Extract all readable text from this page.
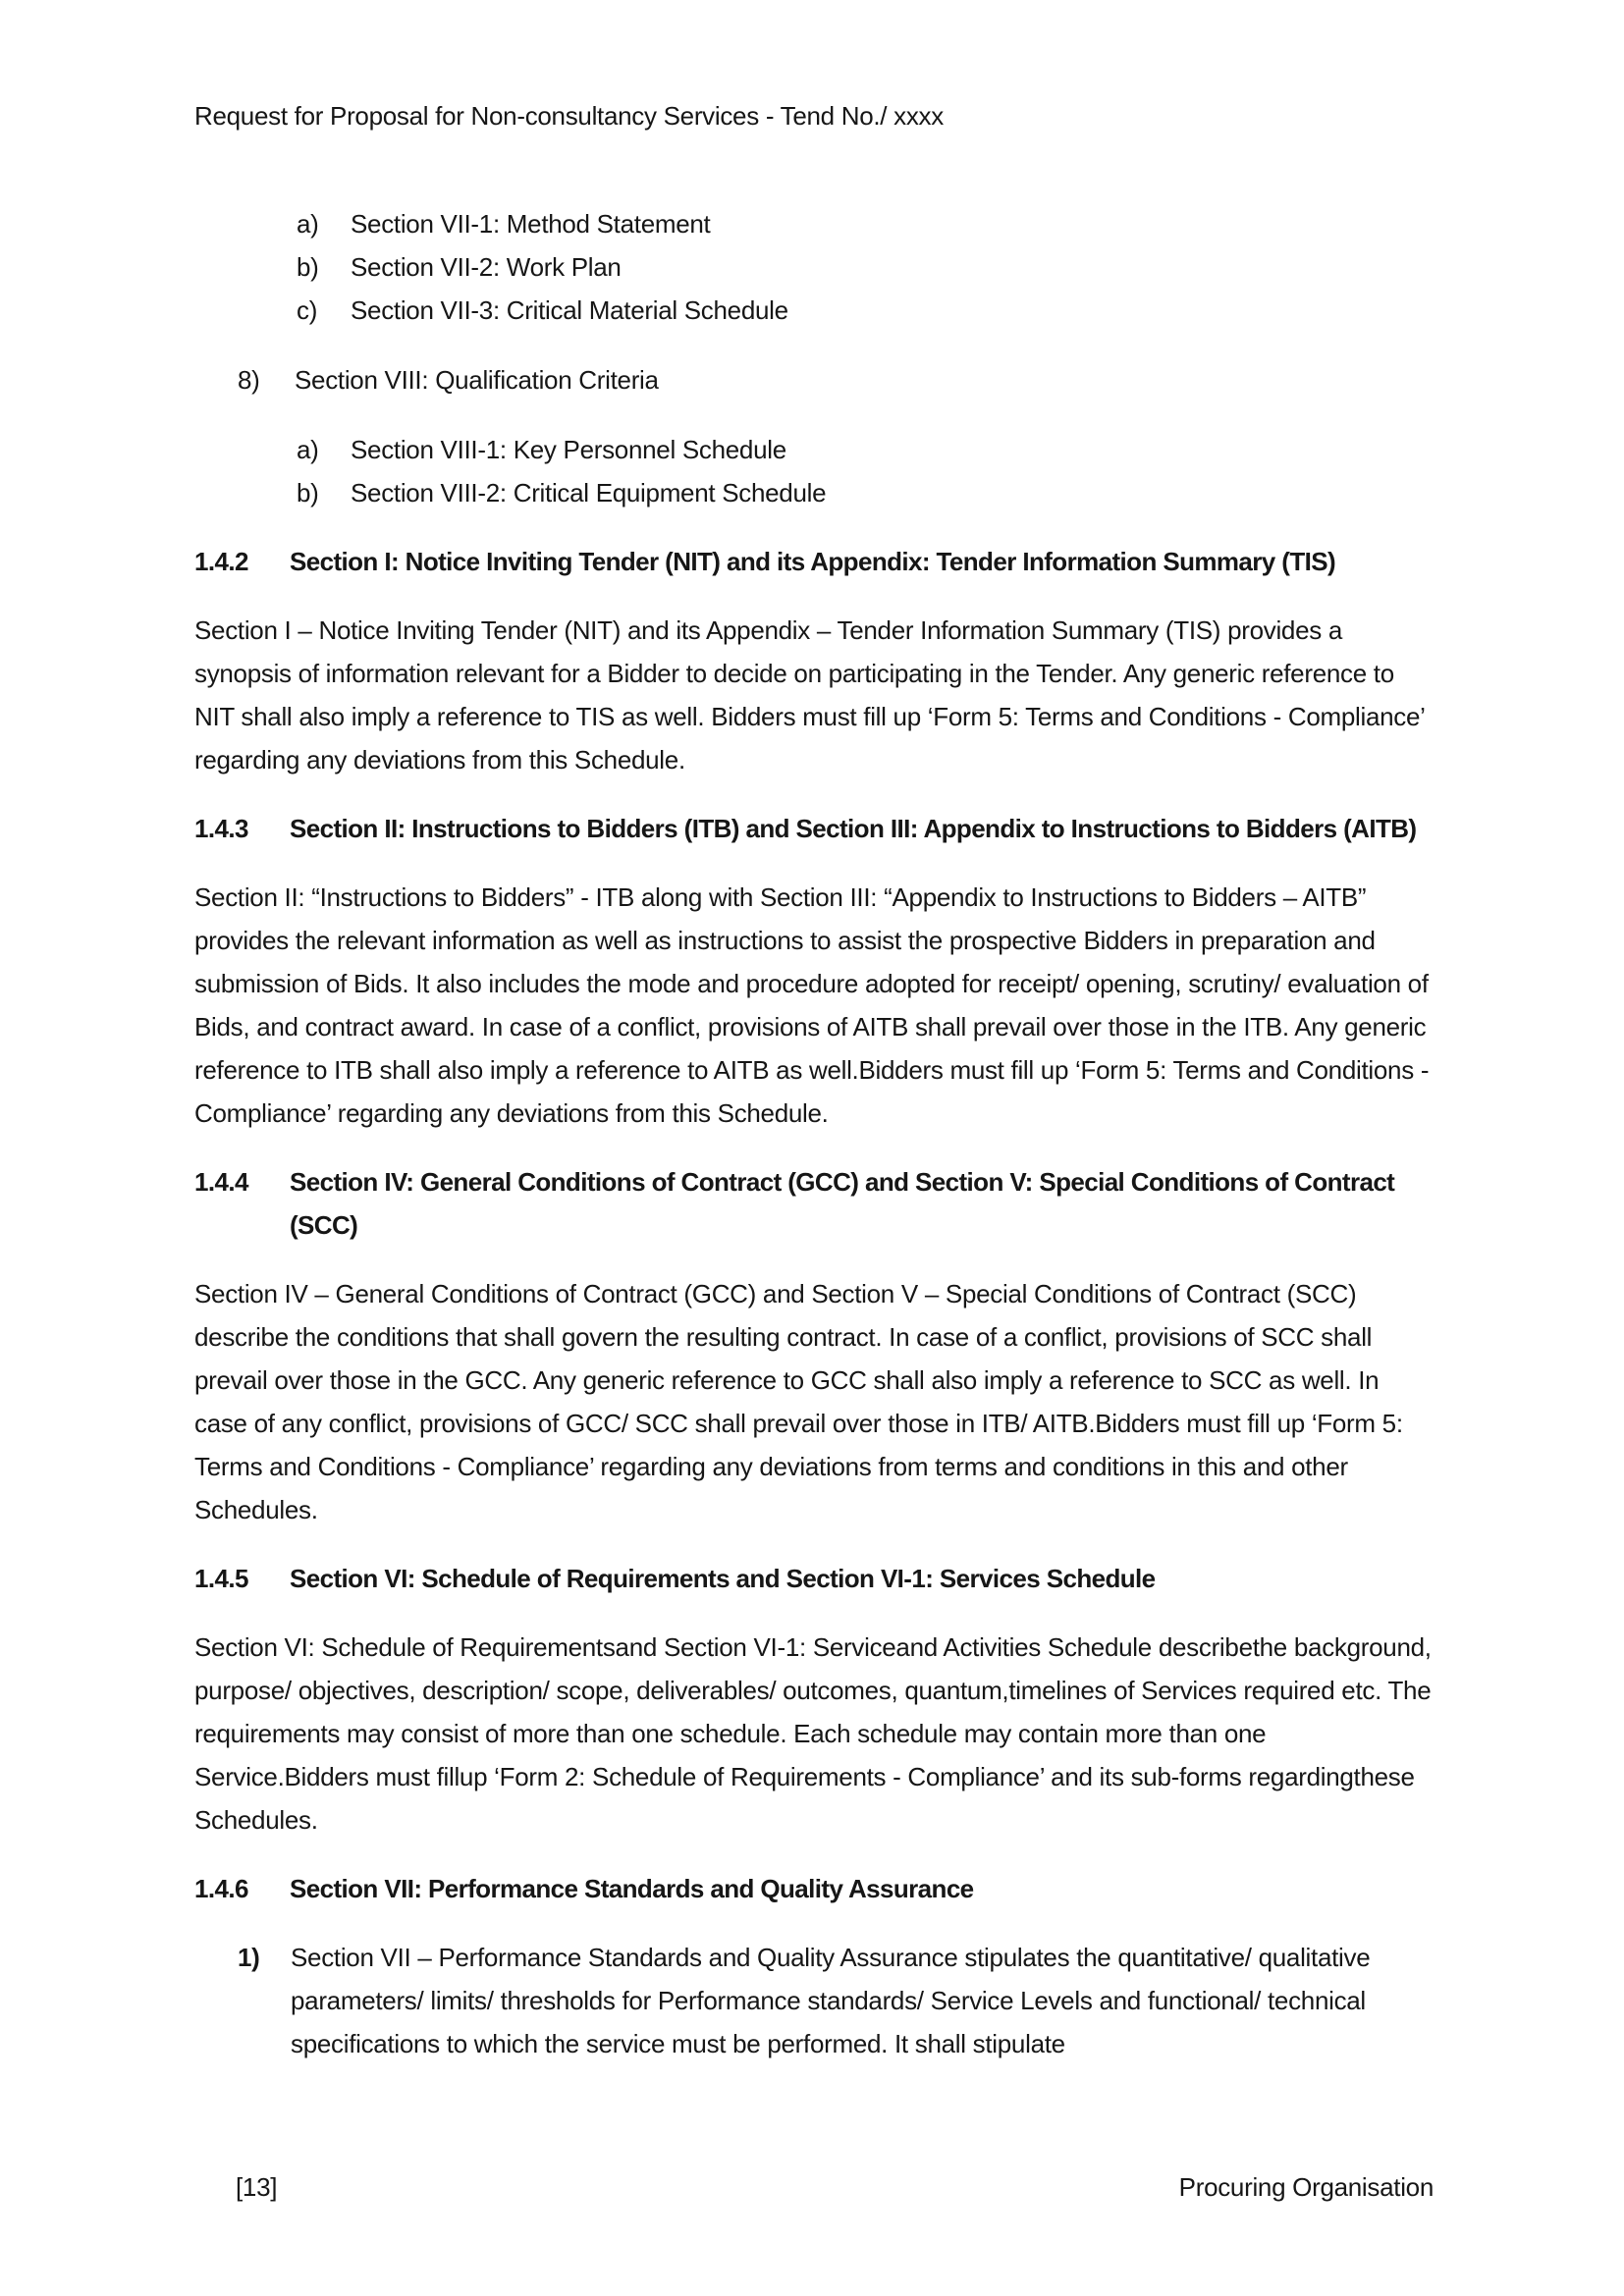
Request for Proposal for Non-consultancy Services - Tend No./ xxxx
a)	Section VII-1: Method Statement
b)	Section VII-2: Work Plan
c)	Section VII-3: Critical Material Schedule
8)	Section VIII: Qualification Criteria
a)	Section VIII-1: Key Personnel Schedule
b)	Section VIII-2: Critical Equipment Schedule
1.4.2	Section I: Notice Inviting Tender (NIT) and its Appendix: Tender Information Summary (TIS)

Section I – Notice Inviting Tender (NIT) and its Appendix – Tender Information Summary (TIS) provides a synopsis of information relevant for a Bidder to decide on participating in the Tender. Any generic reference to NIT shall also imply a reference to TIS as well. Bidders must fill up ‘Form 5: Terms and Conditions - Compliance’ regarding any deviations from this Schedule.

1.4.3	Section II: Instructions to Bidders (ITB) and Section III: Appendix to Instructions to Bidders (AITB)

Section II: “Instructions to Bidders” - ITB along with Section III: “Appendix to Instructions to Bidders – AITB” provides the relevant information as well as instructions to assist the prospective Bidders in preparation and submission of Bids. It also includes the mode and procedure adopted for receipt/ opening, scrutiny/ evaluation of Bids, and contract award. In case of a conflict, provisions of AITB shall prevail over those in the ITB. Any generic reference to ITB shall also imply a reference to AITB as well.Bidders must fill up ‘Form 5: Terms and Conditions - Compliance’ regarding any deviations from this Schedule.

1.4.4	Section IV: General Conditions of Contract (GCC) and Section V: Special Conditions of Contract (SCC)

Section IV – General Conditions of Contract (GCC) and Section V – Special Conditions of Contract (SCC) describe the conditions that shall govern the resulting contract. In case of a conflict, provisions of SCC shall prevail over those in the GCC. Any generic reference to GCC shall also imply a reference to SCC as well. In case of any conflict, provisions of GCC/ SCC shall prevail over those in ITB/ AITB.Bidders must fill up ‘Form 5: Terms and Conditions - Compliance’ regarding any deviations from terms and conditions in this and other Schedules.

1.4.5	Section VI: Schedule of Requirements and Section VI-1: Services Schedule

Section VI: Schedule of Requirementsand Section VI-1: Serviceand Activities Schedule describethe background, purpose/ objectives, description/ scope, deliverables/ outcomes, quantum,timelines of Services required etc. The requirements may consist of more than one schedule. Each schedule may contain more than one Service.Bidders must fillup ‘Form 2: Schedule of Requirements - Compliance’ and its sub-forms regardingthese Schedules.

1.4.6	Section VII: Performance Standards and Quality Assurance
1)	Section VII – Performance Standards and Quality Assurance stipulates the quantitative/ qualitative parameters/ limits/ thresholds for Performance standards/ Service Levels and functional/ technical specifications to which the service must be performed. It shall stipulate
[13]	Procuring Organisation
